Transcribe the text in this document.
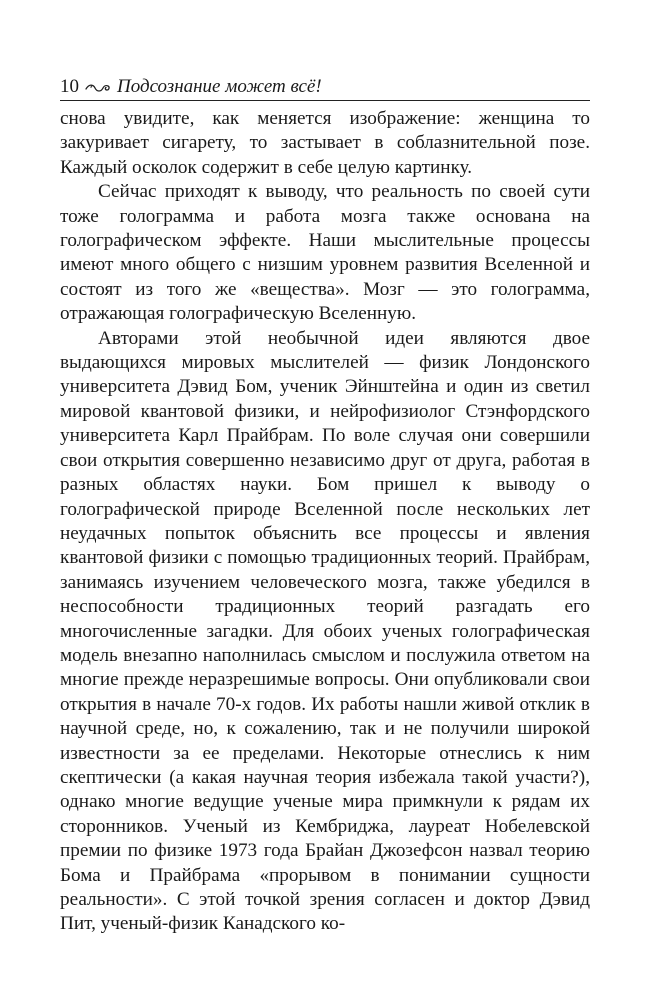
10 Подсознание может всё!

снова увидите, как меняется изображение: женщина то закуривает сигарету, то застывает в соблазнительной позе. Каждый осколок содержит в себе целую картинку.

Сейчас приходят к выводу, что реальность по своей сути тоже голограмма и работа мозга также основана на голографическом эффекте. Наши мыслительные процессы имеют много общего с низшим уровнем развития Вселенной и состоят из того же «вещества». Мозг — это голограмма, отражающая голографическую Вселенную.

Авторами этой необычной идеи являются двое выдающихся мировых мыслителей — физик Лондонского университета Дэвид Бом, ученик Эйнштейна и один из светил мировой квантовой физики, и нейрофизиолог Стэнфордского университета Карл Прайбрам. По воле случая они совершили свои открытия совершенно независимо друг от друга, работая в разных областях науки. Бом пришел к выводу о голографической природе Вселенной после нескольких лет неудачных попыток объяснить все процессы и явления квантовой физики с помощью традиционных теорий. Прайбрам, занимаясь изучением человеческого мозга, также убедился в неспособности традиционных теорий разгадать его многочисленные загадки. Для обоих ученых голографическая модель внезапно наполнилась смыслом и послужила ответом на многие прежде неразрешимые вопросы. Они опубликовали свои открытия в начале 70-х годов. Их работы нашли живой отклик в научной среде, но, к сожалению, так и не получили широкой известности за ее пределами. Некоторые отнеслись к ним скептически (а какая научная теория избежала такой участи?), однако многие ведущие ученые мира примкнули к рядам их сторонников. Ученый из Кембриджа, лауреат Нобелевской премии по физике 1973 года Брайан Джозефсон назвал теорию Бома и Прайбрама «прорывом в понимании сущности реальности». С этой точкой зрения согласен и доктор Дэвид Пит, ученый-физик Канадского ко-
